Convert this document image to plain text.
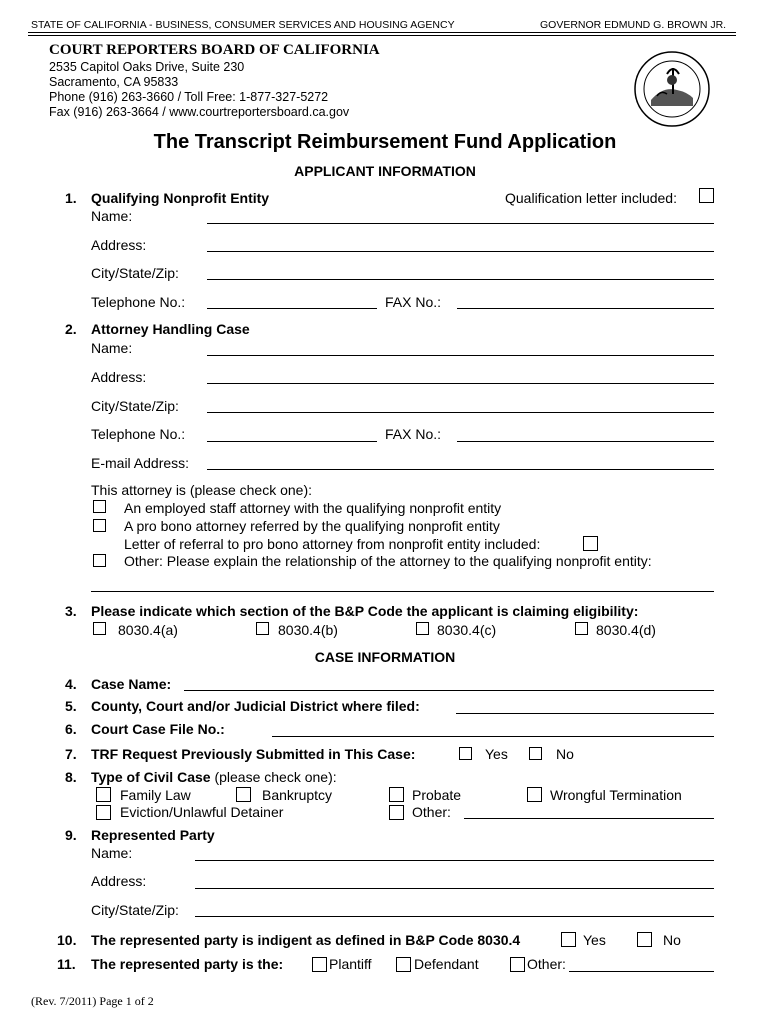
STATE OF CALIFORNIA - BUSINESS, CONSUMER SERVICES AND HOUSING AGENCY	GOVERNOR EDMUND G. BROWN JR.
COURT REPORTERS BOARD OF CALIFORNIA
2535 Capitol Oaks Drive, Suite 230
Sacramento, CA 95833
Phone (916) 263-3660 / Toll Free: 1-877-327-5272
Fax (916) 263-3664 / www.courtreportersboard.ca.gov
The Transcript Reimbursement Fund Application
APPLICANT INFORMATION
1. Qualifying Nonprofit Entity	Qualification letter included:
Name:
Address:
City/State/Zip:
Telephone No.:	FAX No.:
2. Attorney Handling Case
Name:
Address:
City/State/Zip:
Telephone No.:	FAX No.:
E-mail Address:
This attorney is (please check one):
An employed staff attorney with the qualifying nonprofit entity
A pro bono attorney referred by the qualifying nonprofit entity
Letter of referral to pro bono attorney from nonprofit entity included:
Other: Please explain the relationship of the attorney to the qualifying nonprofit entity:
3. Please indicate which section of the B&P Code the applicant is claiming eligibility:
8030.4(a)	8030.4(b)	8030.4(c)	8030.4(d)
CASE INFORMATION
4. Case Name:
5. County, Court and/or Judicial District where filed:
6. Court Case File No.:
7. TRF Request Previously Submitted in This Case:	Yes	No
8. Type of Civil Case (please check one):
Family Law	Bankruptcy	Probate	Wrongful Termination
Eviction/Unlawful Detainer	Other:
9. Represented Party
Name:
Address:
City/State/Zip:
10. The represented party is indigent as defined in B&P Code 8030.4	Yes	No
11. The represented party is the:	Plantiff	Defendant	Other:
(Rev. 7/2011) Page 1 of 2
